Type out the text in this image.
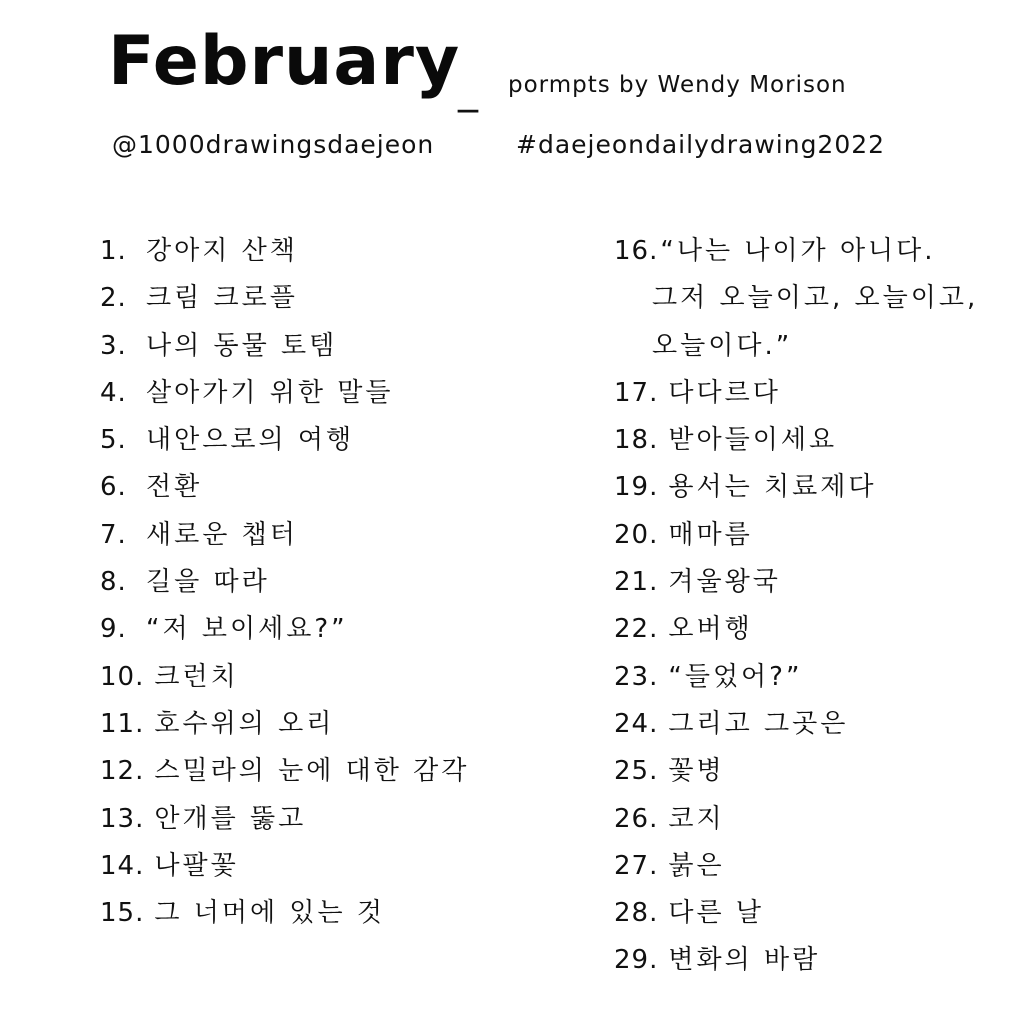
February
_ pormpts by Wendy Morison
@1000drawingsdaejeon	#daejeondailydrawing2022
1. 강아지 산책
2. 크림 크로플
3. 나의 동물 토템
4. 살아가기 위한 말들
5. 내안으로의 여행
6. 전환
7. 새로운 챕터
8. 길을 따라
9. “저 보이세요?”
10. 크런치
11. 호수위의 오리
12. 스밀라의 눈에 대한 감각
13. 안개를 뚫고
14. 나팔꽃
15. 그 너머에 있는 것
16.“나는 나이가 아니다.
그저 오늘이고, 오늘이고,
오늘이다.”
17. 다다르다
18. 받아들이세요
19. 용서는 치료제다
20. 매마름
21. 겨울왕국
22. 오버행
23. “들었어?”
24. 그리고 그곳은
25. 꽃병
26. 코지
27. 붉은
28. 다른 날
29. 변화의 바람
